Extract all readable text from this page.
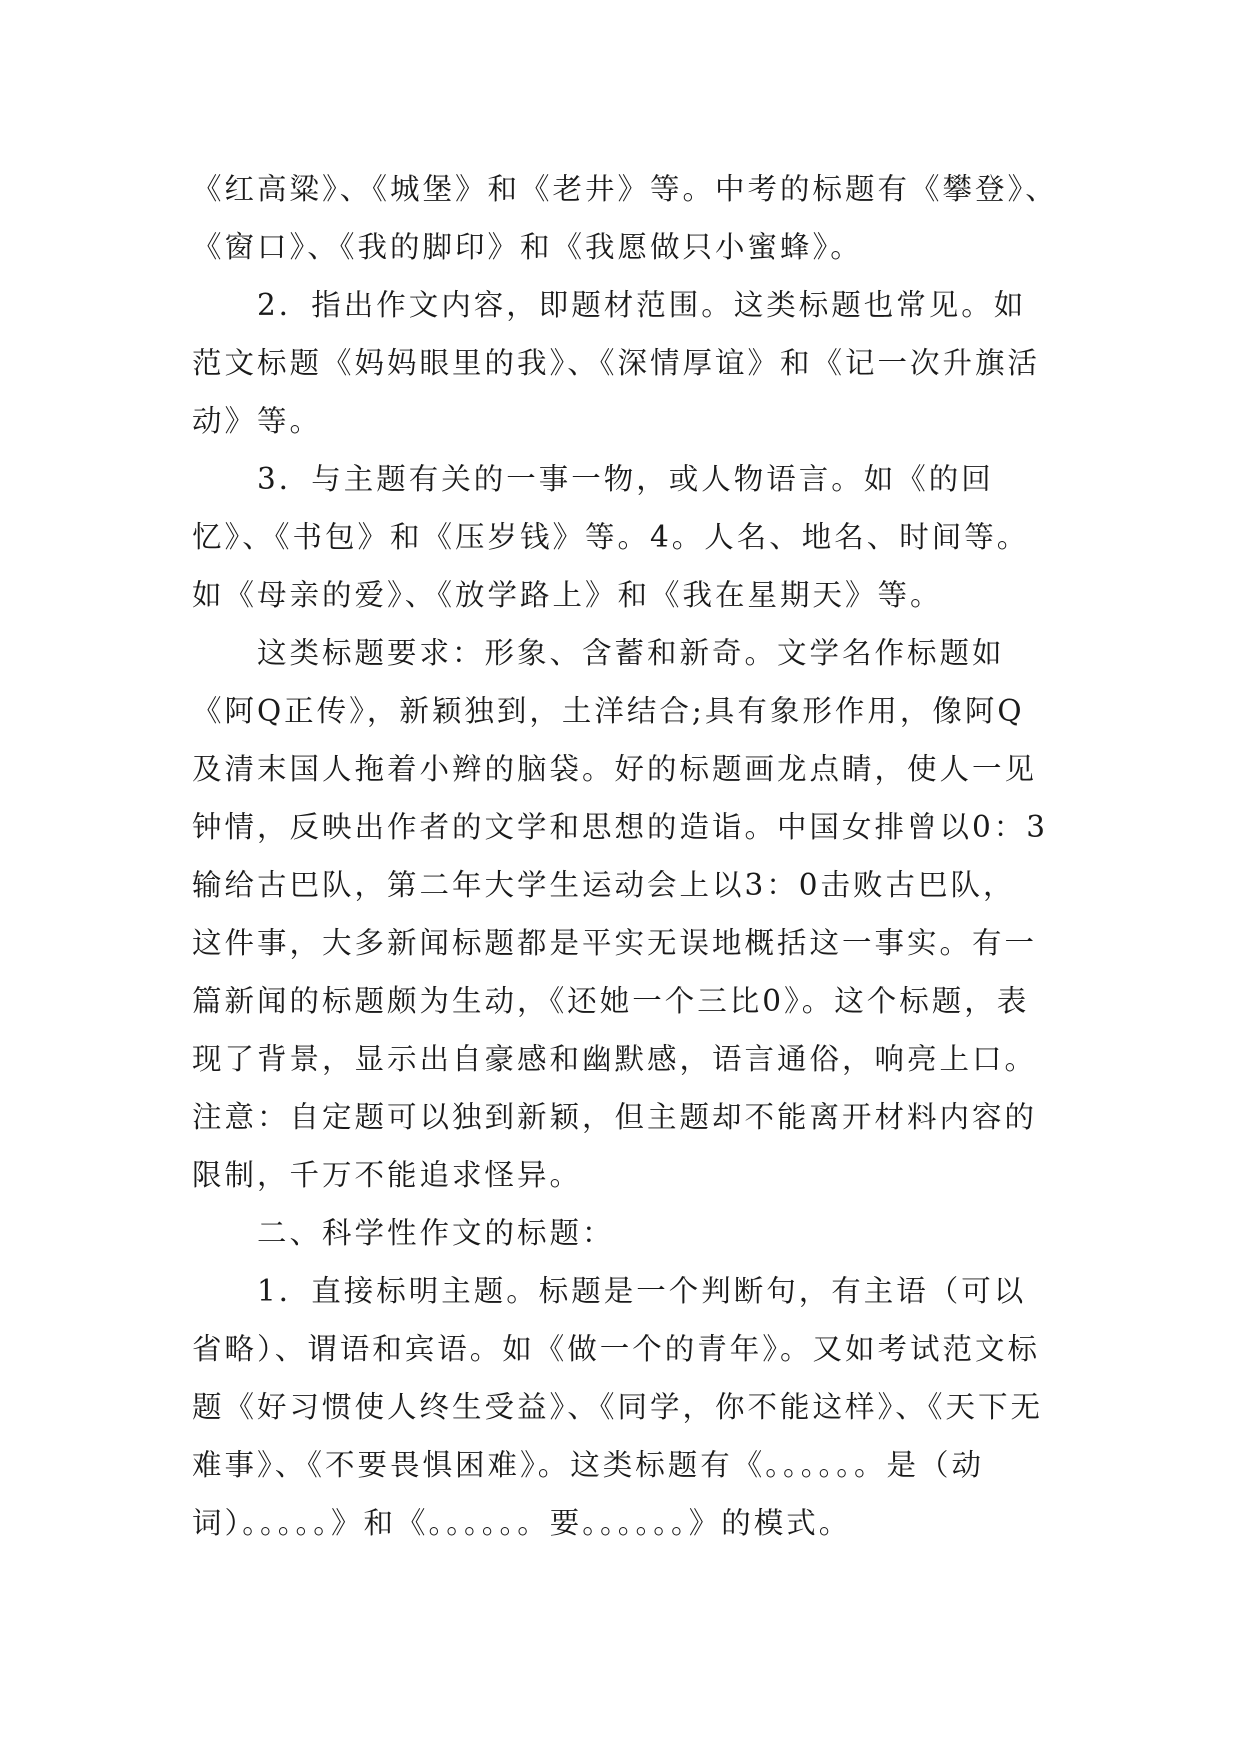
《红高粱》、《城堡》和《老井》等。中考的标题有《攀登》、
《窗口》、《我的脚印》和《我愿做只小蜜蜂》。
　　2．指出作文内容，即题材范围。这类标题也常见。如
范文标题《妈妈眼里的我》、《深情厚谊》和《记一次升旗活
动》等。
　　3．与主题有关的一事一物，或人物语言。如《的回
忆》、《书包》和《压岁钱》等。4。人名、地名、时间等。
如《母亲的爱》、《放学路上》和《我在星期天》等。
　　这类标题要求：形象、含蓄和新奇。文学名作标题如
《阿Q正传》，新颖独到，土洋结合;具有象形作用，像阿Q
及清末国人拖着小辫的脑袋。好的标题画龙点睛，使人一见
钟情，反映出作者的文学和思想的造诣。中国女排曾以0：3
输给古巴队，第二年大学生运动会上以3：0击败古巴队，
这件事，大多新闻标题都是平实无误地概括这一事实。有一
篇新闻的标题颇为生动，《还她一个三比0》。这个标题，表
现了背景，显示出自豪感和幽默感，语言通俗，响亮上口。
注意：自定题可以独到新颖，但主题却不能离开材料内容的
限制，千万不能追求怪异。
　　二、科学性作文的标题：
　　1．直接标明主题。标题是一个判断句，有主语（可以
省略）、谓语和宾语。如《做一个的青年》。又如考试范文标
题《好习惯使人终生受益》、《同学，你不能这样》、《天下无
难事》、《不要畏惧困难》。这类标题有《。。。。。。是（动
词）。。。。。》和《。。。。。。要。。。。。。》的模式。
